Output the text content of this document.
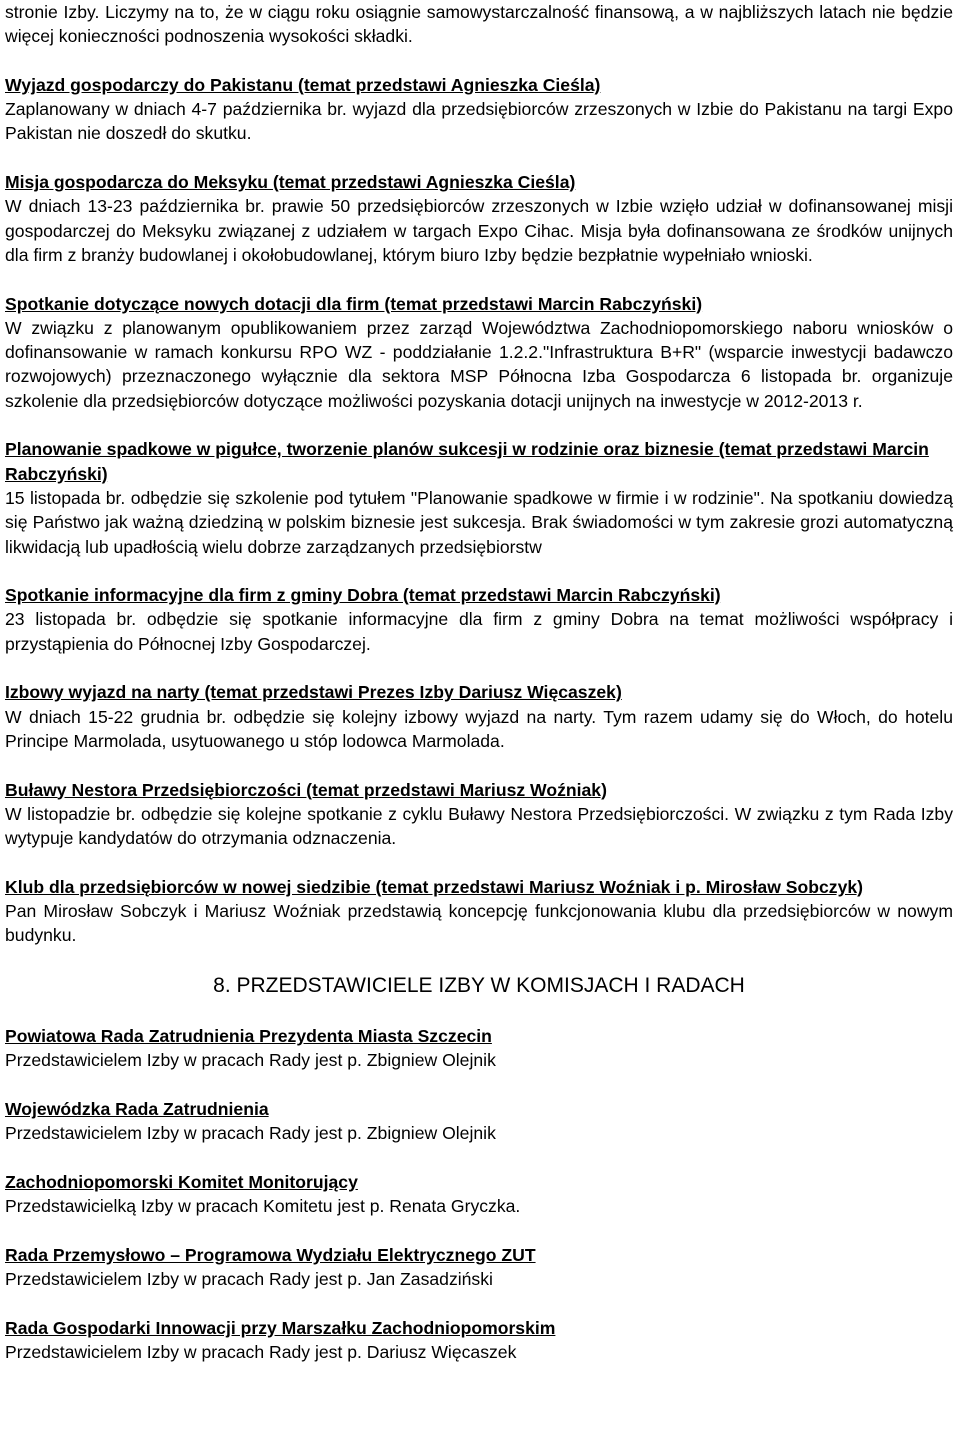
stronie Izby. Liczymy na to, że w ciągu roku osiągnie samowystarczalność finansową, a w najbliższych latach nie będzie więcej konieczności podnoszenia wysokości składki.

Wyjazd gospodarczy do Pakistanu (temat przedstawi Agnieszka Cieśla)

Zaplanowany w dniach 4-7 października br. wyjazd dla przedsiębiorców zrzeszonych w Izbie do Pakistanu na targi Expo Pakistan nie doszedł do skutku.

Misja gospodarcza do Meksyku (temat przedstawi Agnieszka Cieśla)

W dniach 13-23 października br. prawie 50 przedsiębiorców zrzeszonych w Izbie wzięło udział w dofinansowanej misji gospodarczej do Meksyku związanej z udziałem w targach Expo Cihac. Misja była dofinansowana ze środków unijnych dla firm z branży budowlanej i okołobudowlanej, którym biuro Izby będzie bezpłatnie wypełniało wnioski.

Spotkanie dotyczące nowych dotacji dla firm (temat przedstawi Marcin Rabczyński)

W związku z planowanym opublikowaniem przez zarząd Województwa Zachodniopomorskiego naboru wniosków o dofinansowanie w ramach konkursu RPO WZ - poddziałanie 1.2.2."Infrastruktura B+R" (wsparcie inwestycji badawczo rozwojowych) przeznaczonego wyłącznie dla sektora MSP Północna Izba Gospodarcza 6 listopada br. organizuje szkolenie dla przedsiębiorców dotyczące możliwości pozyskania dotacji unijnych na inwestycje w 2012-2013 r.

Planowanie spadkowe w pigułce, tworzenie planów sukcesji w rodzinie oraz biznesie (temat przedstawi Marcin Rabczyński)

15 listopada br. odbędzie się szkolenie pod tytułem "Planowanie spadkowe w firmie i w rodzinie". Na spotkaniu dowiedzą się Państwo jak ważną dziedziną w polskim biznesie jest sukcesja. Brak świadomości w tym zakresie grozi automatyczną likwidacją lub upadłością wielu dobrze zarządzanych przedsiębiorstw

Spotkanie informacyjne dla firm z gminy Dobra (temat przedstawi Marcin Rabczyński)

23 listopada br. odbędzie się spotkanie informacyjne dla firm z gminy Dobra na temat możliwości współpracy i przystąpienia do Północnej Izby Gospodarczej.

Izbowy wyjazd na narty (temat przedstawi Prezes Izby Dariusz Więcaszek)

W dniach 15-22 grudnia br. odbędzie się kolejny izbowy wyjazd na narty. Tym razem udamy się do Włoch, do hotelu Principe Marmolada, usytuowanego u stóp lodowca Marmolada.

Buławy Nestora Przedsiębiorczości (temat przedstawi Mariusz Woźniak)

W listopadzie br. odbędzie się kolejne spotkanie z cyklu Buławy Nestora Przedsiębiorczości. W związku z tym Rada Izby wytypuje kandydatów do otrzymania odznaczenia.

Klub dla przedsiębiorców w nowej siedzibie (temat przedstawi Mariusz Woźniak i p. Mirosław Sobczyk)

Pan Mirosław Sobczyk i Mariusz Woźniak przedstawią koncepcję funkcjonowania klubu dla przedsiębiorców w nowym budynku.

8. PRZEDSTAWICIELE IZBY W KOMISJACH I RADACH

Powiatowa Rada Zatrudnienia Prezydenta Miasta Szczecin

Przedstawicielem Izby w pracach Rady jest p. Zbigniew Olejnik

Wojewódzka Rada Zatrudnienia

Przedstawicielem Izby w pracach Rady jest p. Zbigniew Olejnik

Zachodniopomorski Komitet Monitorujący

Przedstawicielką Izby w pracach Komitetu jest p. Renata Gryczka.

Rada Przemysłowo – Programowa Wydziału Elektrycznego ZUT

Przedstawicielem Izby w pracach Rady jest p. Jan Zasadziński

Rada Gospodarki Innowacji przy Marszałku Zachodniopomorskim

Przedstawicielem Izby w pracach Rady jest p. Dariusz Więcaszek
